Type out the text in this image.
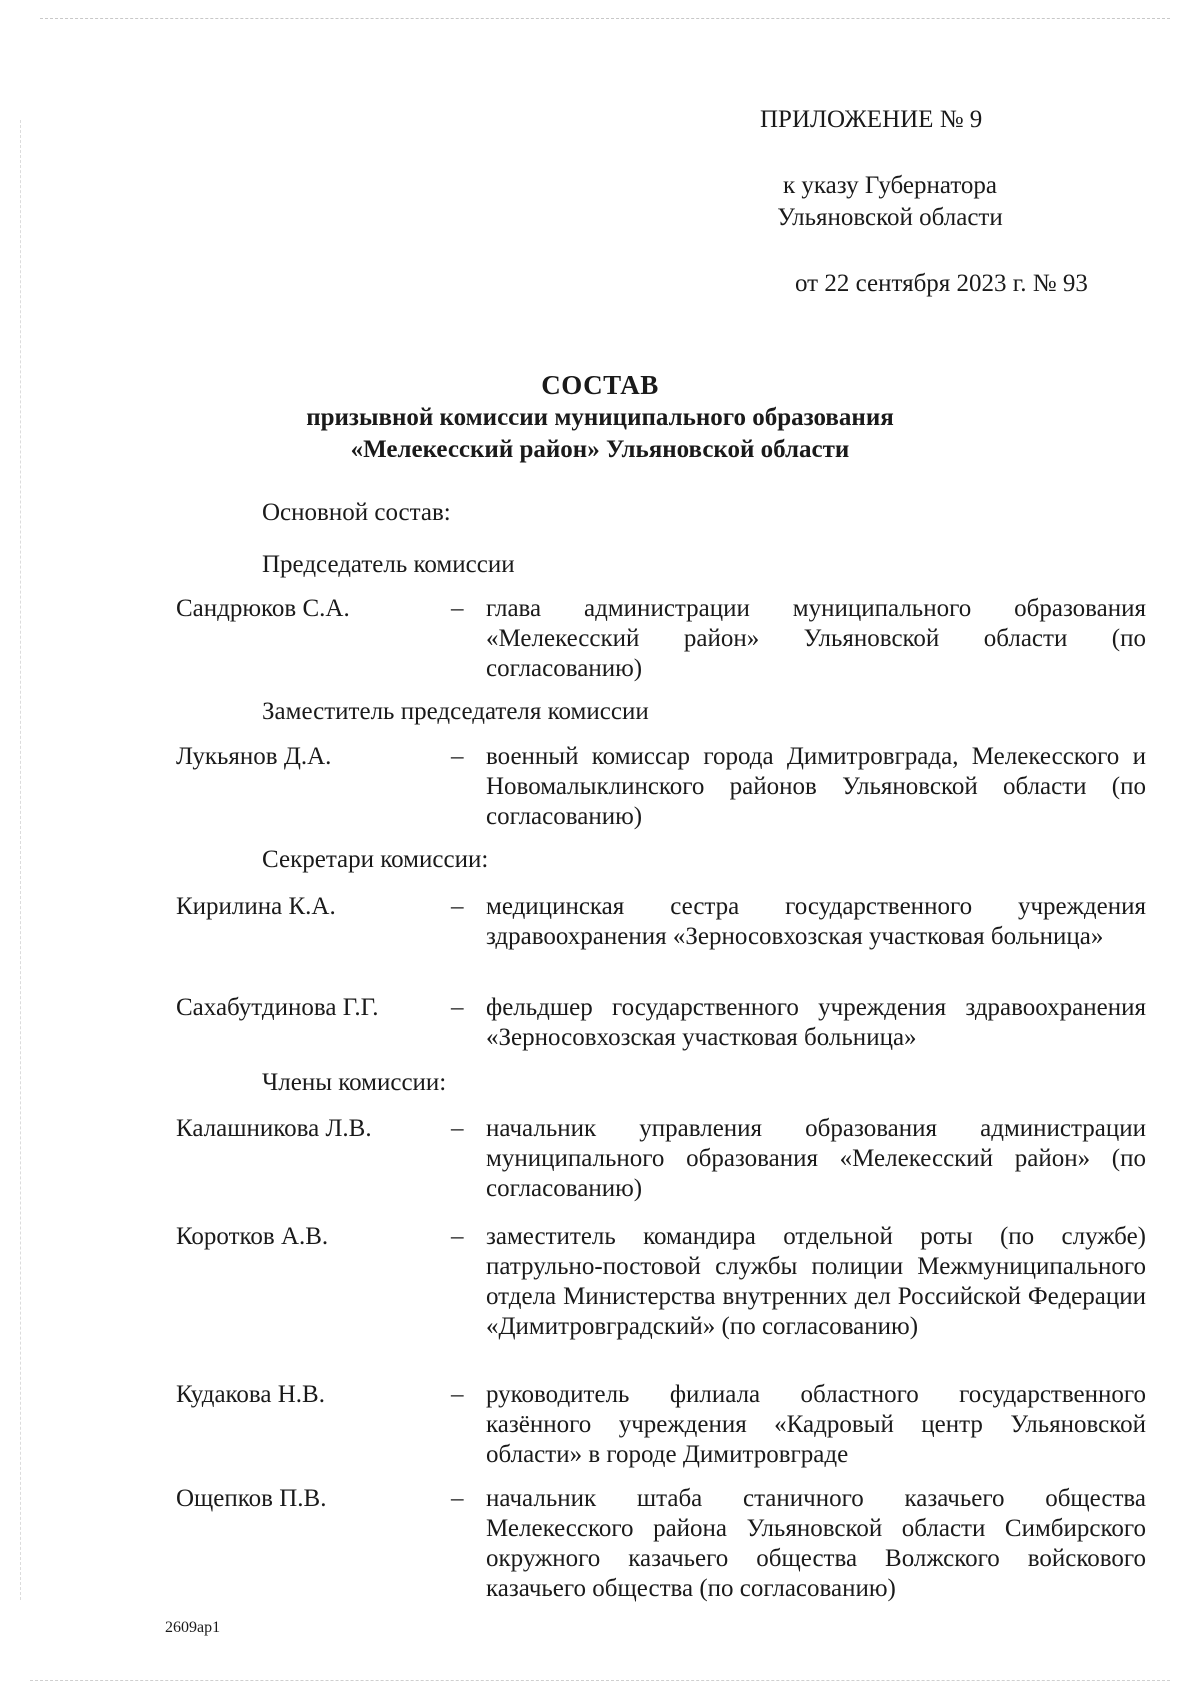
ПРИЛОЖЕНИЕ № 9
к указу Губернатора
Ульяновской области
от 22 сентября 2023 г. № 93
СОСТАВ
призывной комиссии муниципального образования
«Мелекесский район» Ульяновской области
Основной состав:
Председатель комиссии
Сандрюков С.А.	– глава администрации муниципального образования «Мелекесский район» Ульяновской области (по согласованию)
Заместитель председателя комиссии
Лукьянов Д.А.	– военный комиссар города Димитровграда, Мелекесского и Новомалыклинского районов Ульяновской области (по согласованию)
Секретари комиссии:
Кирилина К.А.	– медицинская сестра государственного учреждения здравоохранения «Зерносовхозская участковая больница»
Сахабутдинова Г.Г.	– фельдшер государственного учреждения здравоохранения «Зерносовхозская участковая больница»
Члены комиссии:
Калашникова Л.В.	– начальник управления образования администрации муниципального образования «Мелекесский район» (по согласованию)
Коротков А.В.	– заместитель командира отдельной роты (по службе) патрульно-постовой службы полиции Межмуниципального отдела Министерства внутренних дел Российской Федерации «Димитровградский» (по согласованию)
Кудакова Н.В.	– руководитель филиала областного государственного казённого учреждения «Кадровый центр Ульяновской области» в городе Димитровграде
Ощепков П.В.	– начальник штаба станичного казачьего общества Мелекесского района Ульяновской области Симбирского окружного казачьего общества Волжского войскового казачьего общества (по согласованию)
2609ap1
